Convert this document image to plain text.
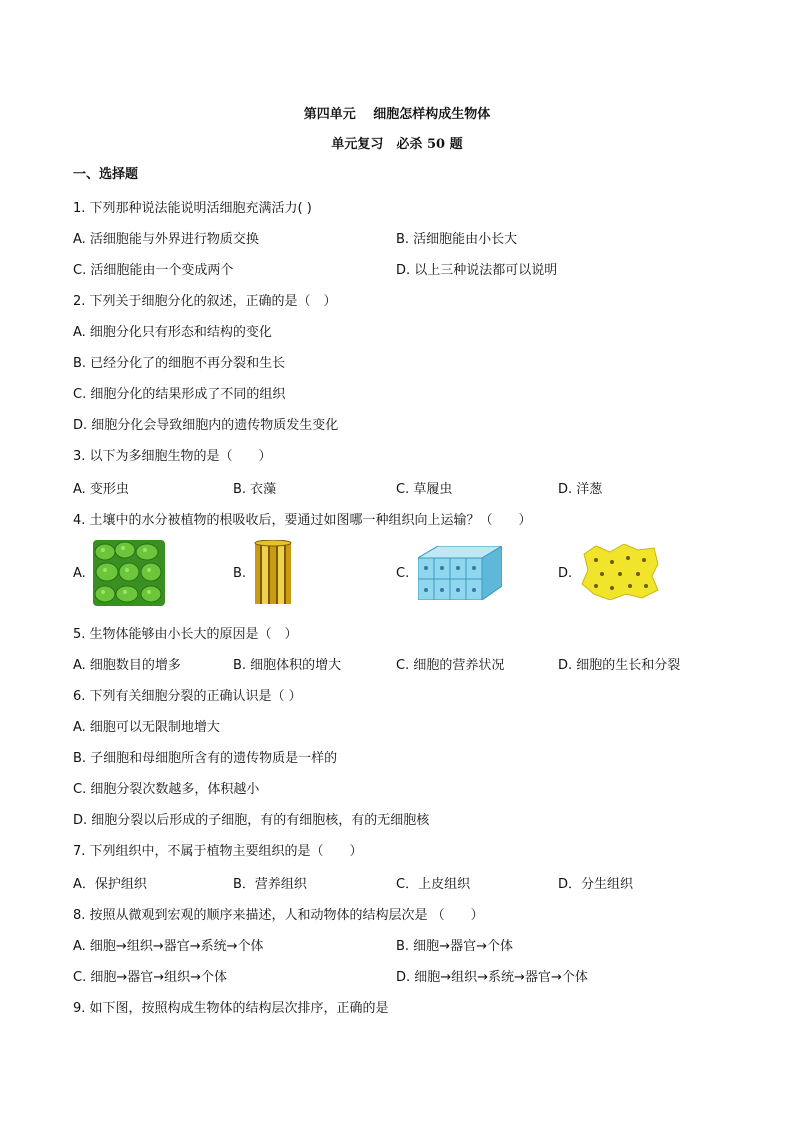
第四单元　 细胞怎样构成生物体
单元复习　必杀 50 题
一、选择题
1. 下列那种说法能说明活细胞充满活力( )
A. 活细胞能与外界进行物质交换	B. 活细胞能由小长大
C. 活细胞能由一个变成两个	D. 以上三种说法都可以说明
2. 下列关于细胞分化的叙述，正确的是（　）
A. 细胞分化只有形态和结构的变化
B. 已经分化了的细胞不再分裂和生长
C. 细胞分化的结果形成了不同的组织
D. 细胞分化会导致细胞内的遗传物质发生变化
3. 以下为多细胞生物的是（　　）
A. 变形虫	B. 衣藻	C. 草履虫	D. 洋葱
4. 土壤中的水分被植物的根吸收后，要通过如图哪一种组织向上运输？（　　）
A.	B.	C.	D.
5. 生物体能够由小长大的原因是（　）
A. 细胞数目的增多	B. 细胞体积的增大	C. 细胞的营养状况	D. 细胞的生长和分裂
6. 下列有关细胞分裂的正确认识是（ ）
A. 细胞可以无限制地增大
B. 子细胞和母细胞所含有的遗传物质是一样的
C. 细胞分裂次数越多，体积越小
D. 细胞分裂以后形成的子细胞，有的有细胞核，有的无细胞核
7. 下列组织中，不属于植物主要组织的是（　　）
A．保护组织	B．营养组织	C．上皮组织	D．分生组织
8. 按照从微观到宏观的顺序来描述，人和动物体的结构层次是 （　　）
A. 细胞→组织→器官→系统→个体	B. 细胞→器官→个体
C. 细胞→器官→组织→个体	D. 细胞→组织→系统→器官→个体
9. 如下图，按照构成生物体的结构层次排序，正确的是
